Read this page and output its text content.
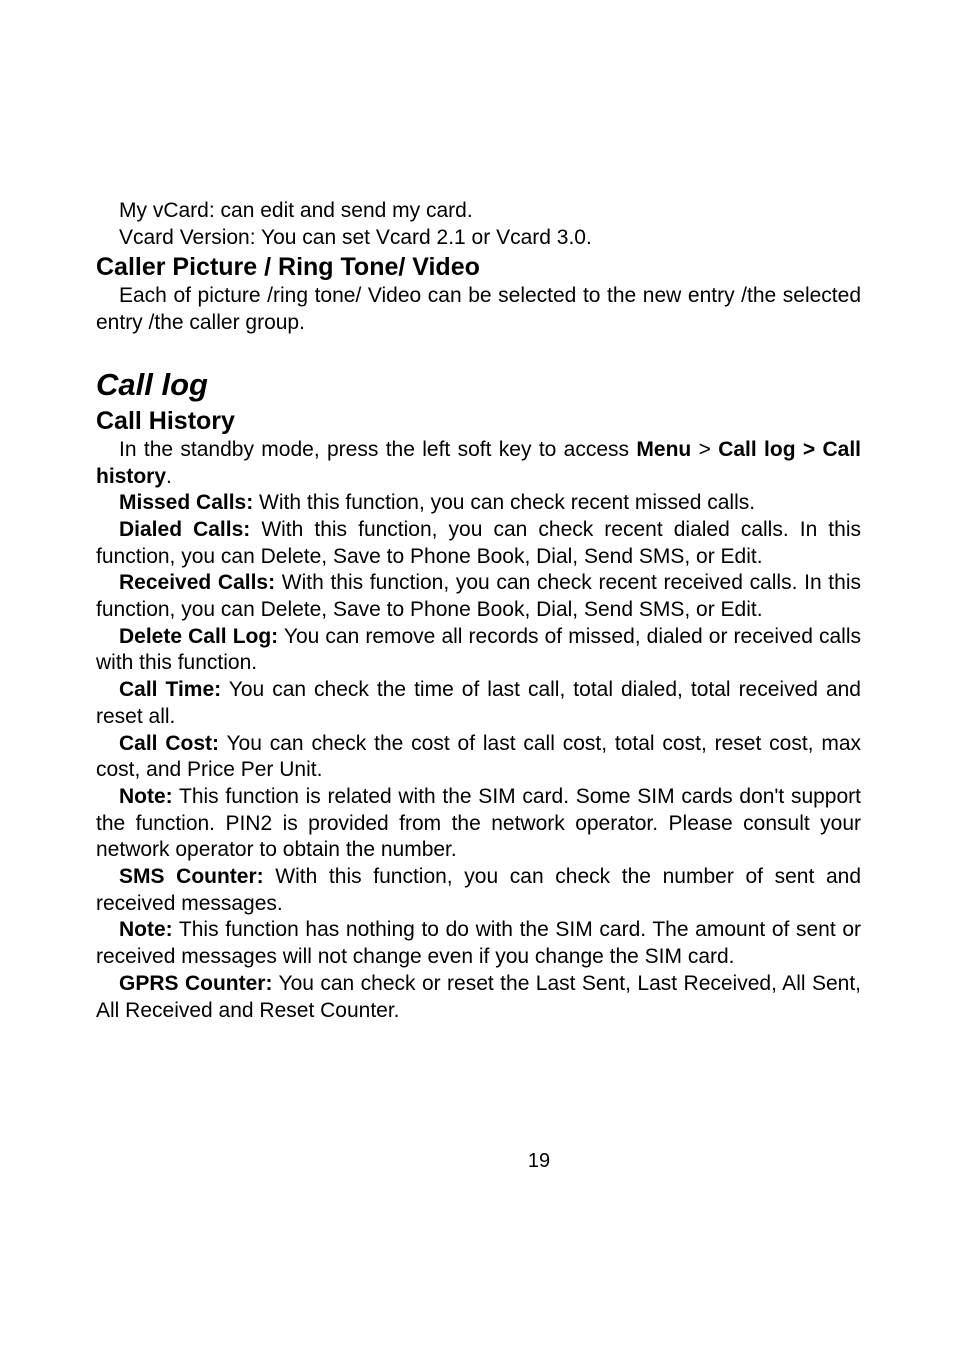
My vCard: can edit and send my card.

Vcard Version: You can set Vcard 2.1 or Vcard 3.0.

Caller Picture / Ring Tone/ Video

Each of picture /ring tone/ Video can be selected to the new entry /the selected entry /the caller group.

Call log
Call History

In the standby mode, press the left soft key to access Menu > Call log > Call history.

Missed Calls: With this function, you can check recent missed calls.

Dialed Calls: With this function, you can check recent dialed calls. In this function, you can Delete, Save to Phone Book, Dial, Send SMS, or Edit.

Received Calls: With this function, you can check recent received calls. In this function, you can Delete, Save to Phone Book, Dial, Send SMS, or Edit.

Delete Call Log: You can remove all records of missed, dialed or received calls with this function.

Call Time: You can check the time of last call, total dialed, total received and reset all.

Call Cost: You can check the cost of last call cost, total cost, reset cost, max cost, and Price Per Unit.

Note: This function is related with the SIM card. Some SIM cards don't support the function. PIN2 is provided from the network operator. Please consult your network operator to obtain the number.

SMS Counter: With this function, you can check the number of sent and received messages.

Note: This function has nothing to do with the SIM card. The amount of sent or received messages will not change even if you change the SIM card.

GPRS Counter: You can check or reset the Last Sent, Last Received, All Sent, All Received and Reset Counter.

19
